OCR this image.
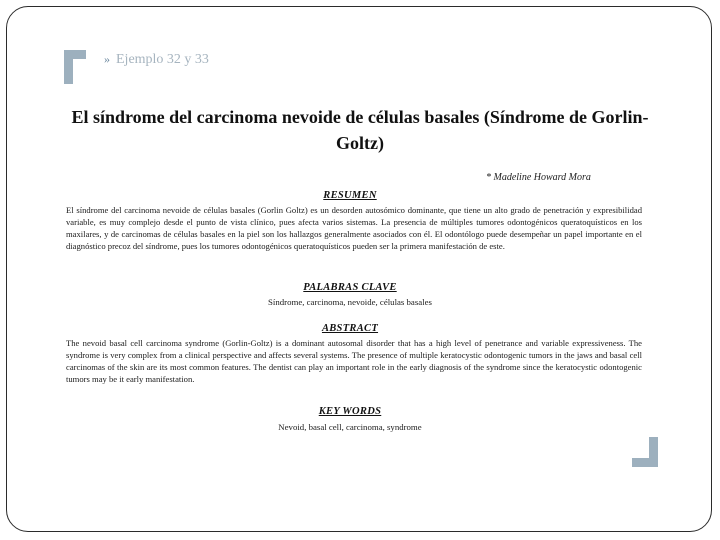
» Ejemplo 32 y 33
El síndrome del carcinoma nevoide de células basales (Síndrome de Gorlin-Goltz)
* Madeline Howard Mora
RESUMEN
El síndrome del carcinoma nevoide de células basales (Gorlin Goltz) es un desorden autosómico dominante, que tiene un alto grado de penetración y expresibilidad variable, es muy complejo desde el punto de vista clínico, pues afecta varios sistemas. La presencia de múltiples tumores odontogénicos queratoquísticos en los maxilares, y de carcinomas de células basales en la piel son los hallazgos generalmente asociados con él. El odontólogo puede desempeñar un papel importante en el diagnóstico precoz del síndrome, pues los tumores odontogénicos queratoquísticos pueden ser la primera manifestación de este.
PALABRAS CLAVE
Síndrome, carcinoma, nevoide, células basales
ABSTRACT
The nevoid basal cell carcinoma syndrome (Gorlin-Goltz) is a dominant autosomal disorder that has a high level of penetrance and variable expressiveness. The syndrome is very complex from a clinical perspective and affects several systems. The presence of multiple keratocystic odontogenic tumors in the jaws and basal cell carcinomas of the skin are its most common features. The dentist can play an important role in the early diagnosis of the syndrome since the keratocystic odontogenic tumors may be it early manifestation.
KEY WORDS
Nevoid, basal cell, carcinoma, syndrome
